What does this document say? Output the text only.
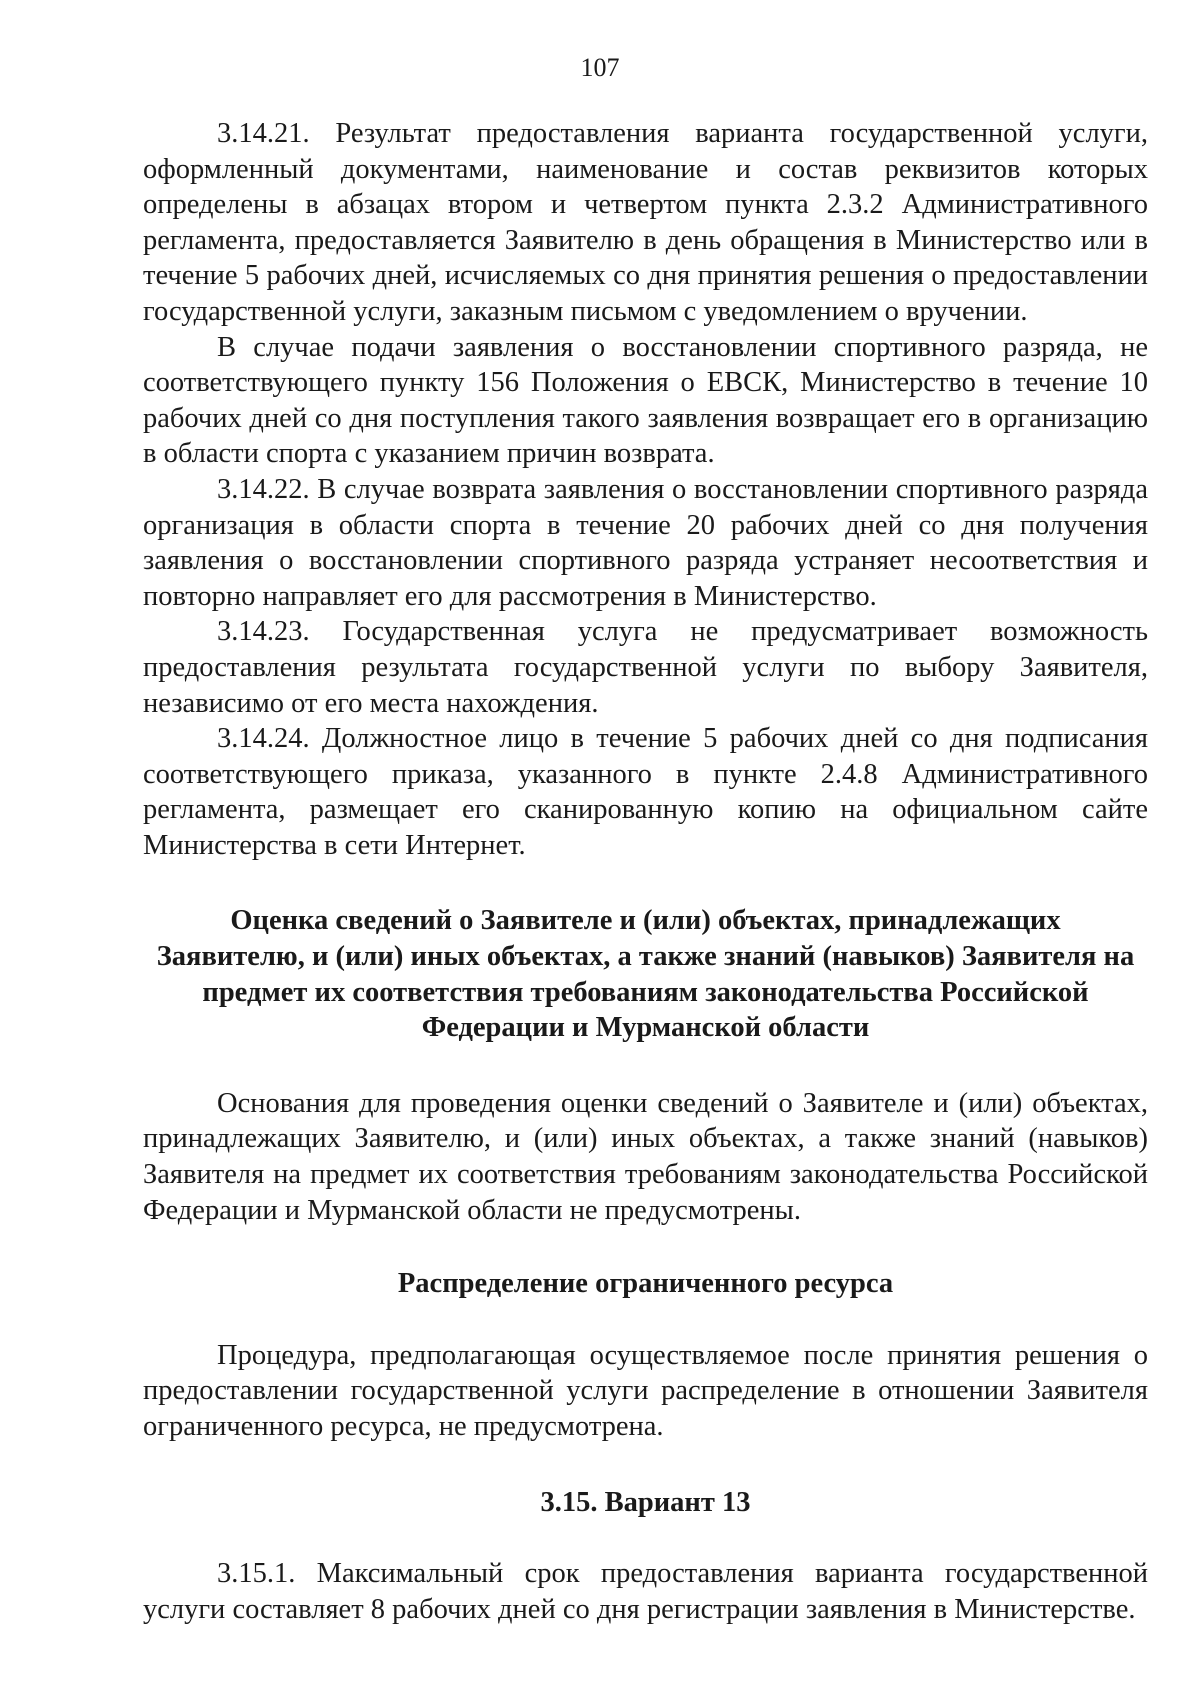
107

3.14.21. Результат предоставления варианта государственной услуги, оформленный документами, наименование и состав реквизитов которых определены в абзацах втором и четвертом пункта 2.3.2 Административного регламента, предоставляется Заявителю в день обращения в Министерство или в течение 5 рабочих дней, исчисляемых со дня принятия решения о предоставлении государственной услуги, заказным письмом с уведомлением о вручении.

В случае подачи заявления о восстановлении спортивного разряда, не соответствующего пункту 156 Положения о ЕВСК, Министерство в течение 10 рабочих дней со дня поступления такого заявления возвращает его в организацию в области спорта с указанием причин возврата.

3.14.22. В случае возврата заявления о восстановлении спортивного разряда организация в области спорта в течение 20 рабочих дней со дня получения заявления о восстановлении спортивного разряда устраняет несоответствия и повторно направляет его для рассмотрения в Министерство.

3.14.23. Государственная услуга не предусматривает возможность предоставления результата государственной услуги по выбору Заявителя, независимо от его места нахождения.

3.14.24. Должностное лицо в течение 5 рабочих дней со дня подписания соответствующего приказа, указанного в пункте 2.4.8 Административного регламента, размещает его сканированную копию на официальном сайте Министерства в сети Интернет.

Оценка сведений о Заявителе и (или) объектах, принадлежащих

Заявителю, и (или) иных объектах, а также знаний (навыков) Заявителя на

предмет их соответствия требованиям законодательства Российской

Федерации и Мурманской области

Основания для проведения оценки сведений о Заявителе и (или) объектах, принадлежащих Заявителю, и (или) иных объектах, а также знаний (навыков) Заявителя на предмет их соответствия требованиям законодательства Российской Федерации и Мурманской области не предусмотрены.

Распределение ограниченного ресурса

Процедура, предполагающая осуществляемое после принятия решения о предоставлении государственной услуги распределение в отношении Заявителя ограниченного ресурса, не предусмотрена.

3.15. Вариант 13

3.15.1. Максимальный срок предоставления варианта государственной услуги составляет 8 рабочих дней со дня регистрации заявления в Министерстве.
